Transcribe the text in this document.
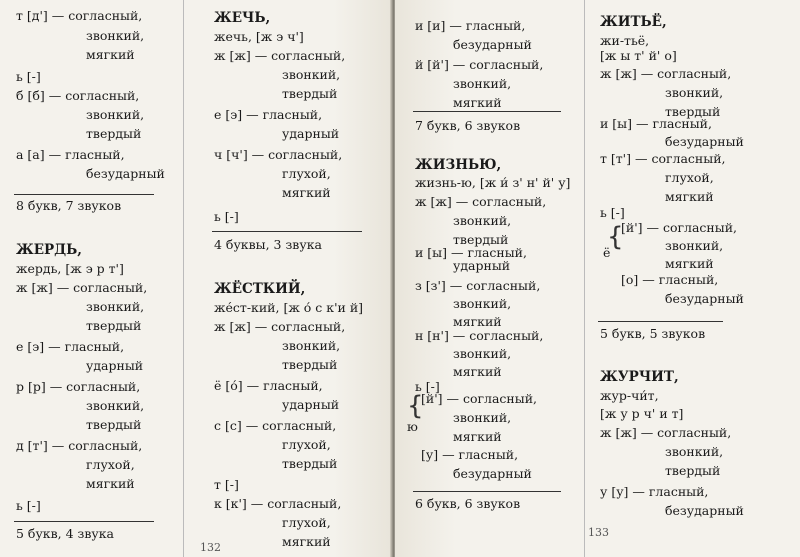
т [д'] — согласный,
звонкий,
мягкий
ь [-]
б [б] — согласный,
звонкий,
твердый
а [а] — гласный,
безударный
8 букв, 7 звуков
ЖЕРДЬ,
жердь, [ж э р т']
ж [ж] — согласный,
звонкий,
твердый
е [э] — гласный,
ударный
р [р] — согласный,
звонкий,
твердый
д [т'] — согласный,
глухой,
мягкий
ь [-]
5 букв, 4 звука
ЖЕЧЬ,
жечь, [ж э ч']
ж [ж] — согласный,
звонкий,
твердый
е [э] — гласный,
ударный
ч [ч'] — согласный,
глухой,
мягкий
ь [-]
4 буквы, 3 звука
ЖЁСТКИЙ,
жéст-кий, [ж о́ с к'и й]
ж [ж] — согласный,
звонкий,
твердый
ё [о́] — гласный,
ударный
с [с] — согласный,
глухой,
твердый
т [-]
к [к'] — согласный,
глухой,
мягкий
132
и [и] — гласный,
безударный
й [й'] — согласный,
звонкий,
мягкий
7 букв, 6 звуков
ЖИЗНЬЮ,
жизнь-ю, [ж и́ з' н' й' у]
ж [ж] — согласный,
звонкий,
твердый
и [ы] — гласный,
ударный
з [з'] — согласный,
звонкий,
мягкий
н [н'] — согласный,
звонкий,
мягкий
ь [-]
{
[й'] — согласный,
звонкий,
мягкий
ю
[у] — гласный,
безударный
6 букв, 6 звуков
ЖИТЬЁ,
жи-тьё,
[ж ы т' й' о]
ж [ж] — согласный,
звонкий,
твердый
и [ы] — гласный,
безударный
т [т'] — согласный,
глухой,
мягкий
ь [-]
{
[й'] — согласный,
звонкий,
ё
мягкий
[о] — гласный,
безударный
5 букв, 5 звуков
ЖУРЧИТ,
жур-чи́т,
[ж у р ч' и т]
ж [ж] — согласный,
звонкий,
твердый
у [у] — гласный,
безударный
133
